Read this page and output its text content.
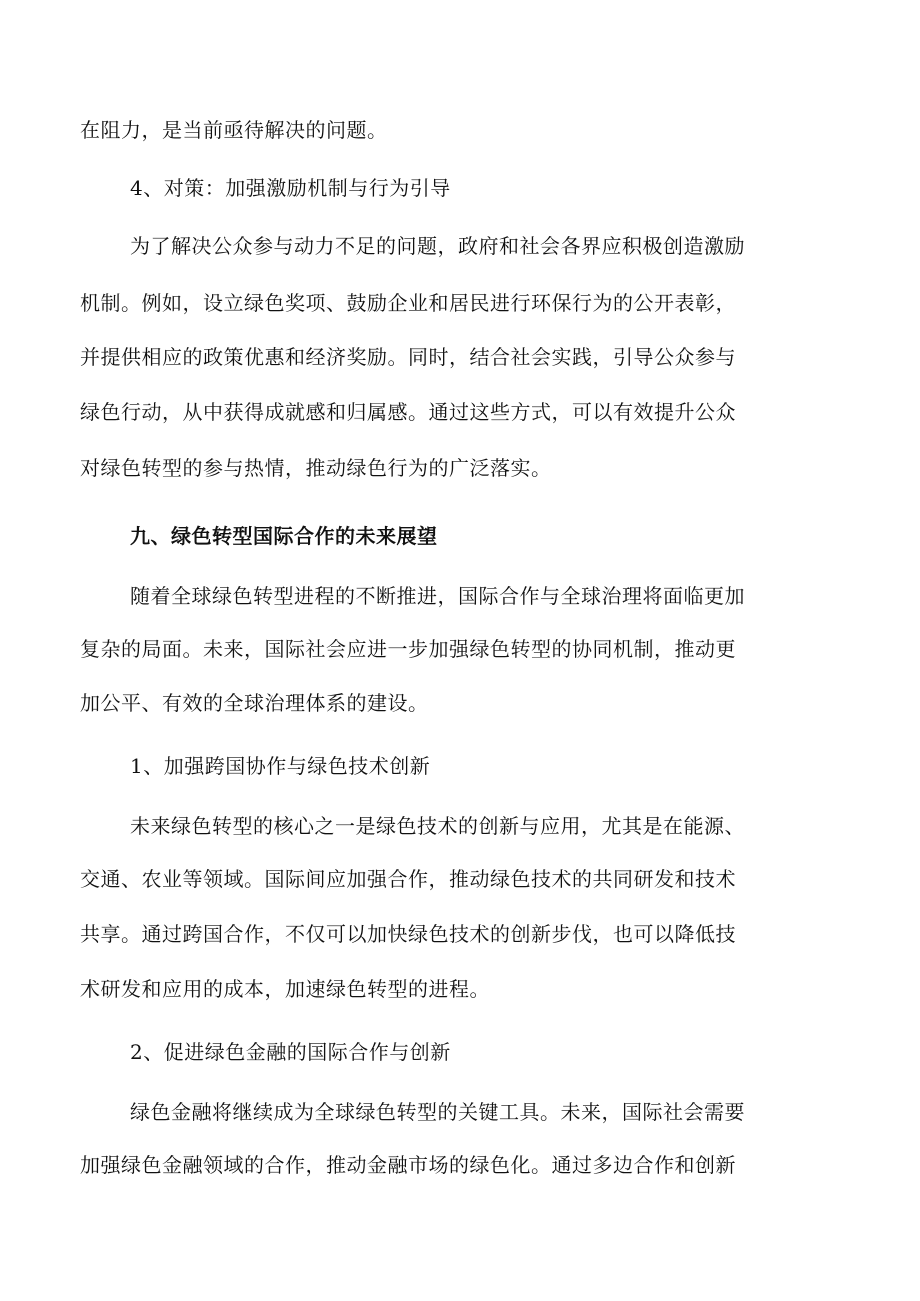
在阻力，是当前亟待解决的问题。
4、对策：加强激励机制与行为引导
为了解决公众参与动力不足的问题，政府和社会各界应积极创造激励
机制。例如，设立绿色奖项、鼓励企业和居民进行环保行为的公开表彰，
并提供相应的政策优惠和经济奖励。同时，结合社会实践，引导公众参与
绿色行动，从中获得成就感和归属感。通过这些方式，可以有效提升公众
对绿色转型的参与热情，推动绿色行为的广泛落实。
九、绿色转型国际合作的未来展望
随着全球绿色转型进程的不断推进，国际合作与全球治理将面临更加
复杂的局面。未来，国际社会应进一步加强绿色转型的协同机制，推动更
加公平、有效的全球治理体系的建设。
1、加强跨国协作与绿色技术创新
未来绿色转型的核心之一是绿色技术的创新与应用，尤其是在能源、
交通、农业等领域。国际间应加强合作，推动绿色技术的共同研发和技术
共享。通过跨国合作，不仅可以加快绿色技术的创新步伐，也可以降低技
术研发和应用的成本，加速绿色转型的进程。
2、促进绿色金融的国际合作与创新
绿色金融将继续成为全球绿色转型的关键工具。未来，国际社会需要
加强绿色金融领域的合作，推动金融市场的绿色化。通过多边合作和创新
